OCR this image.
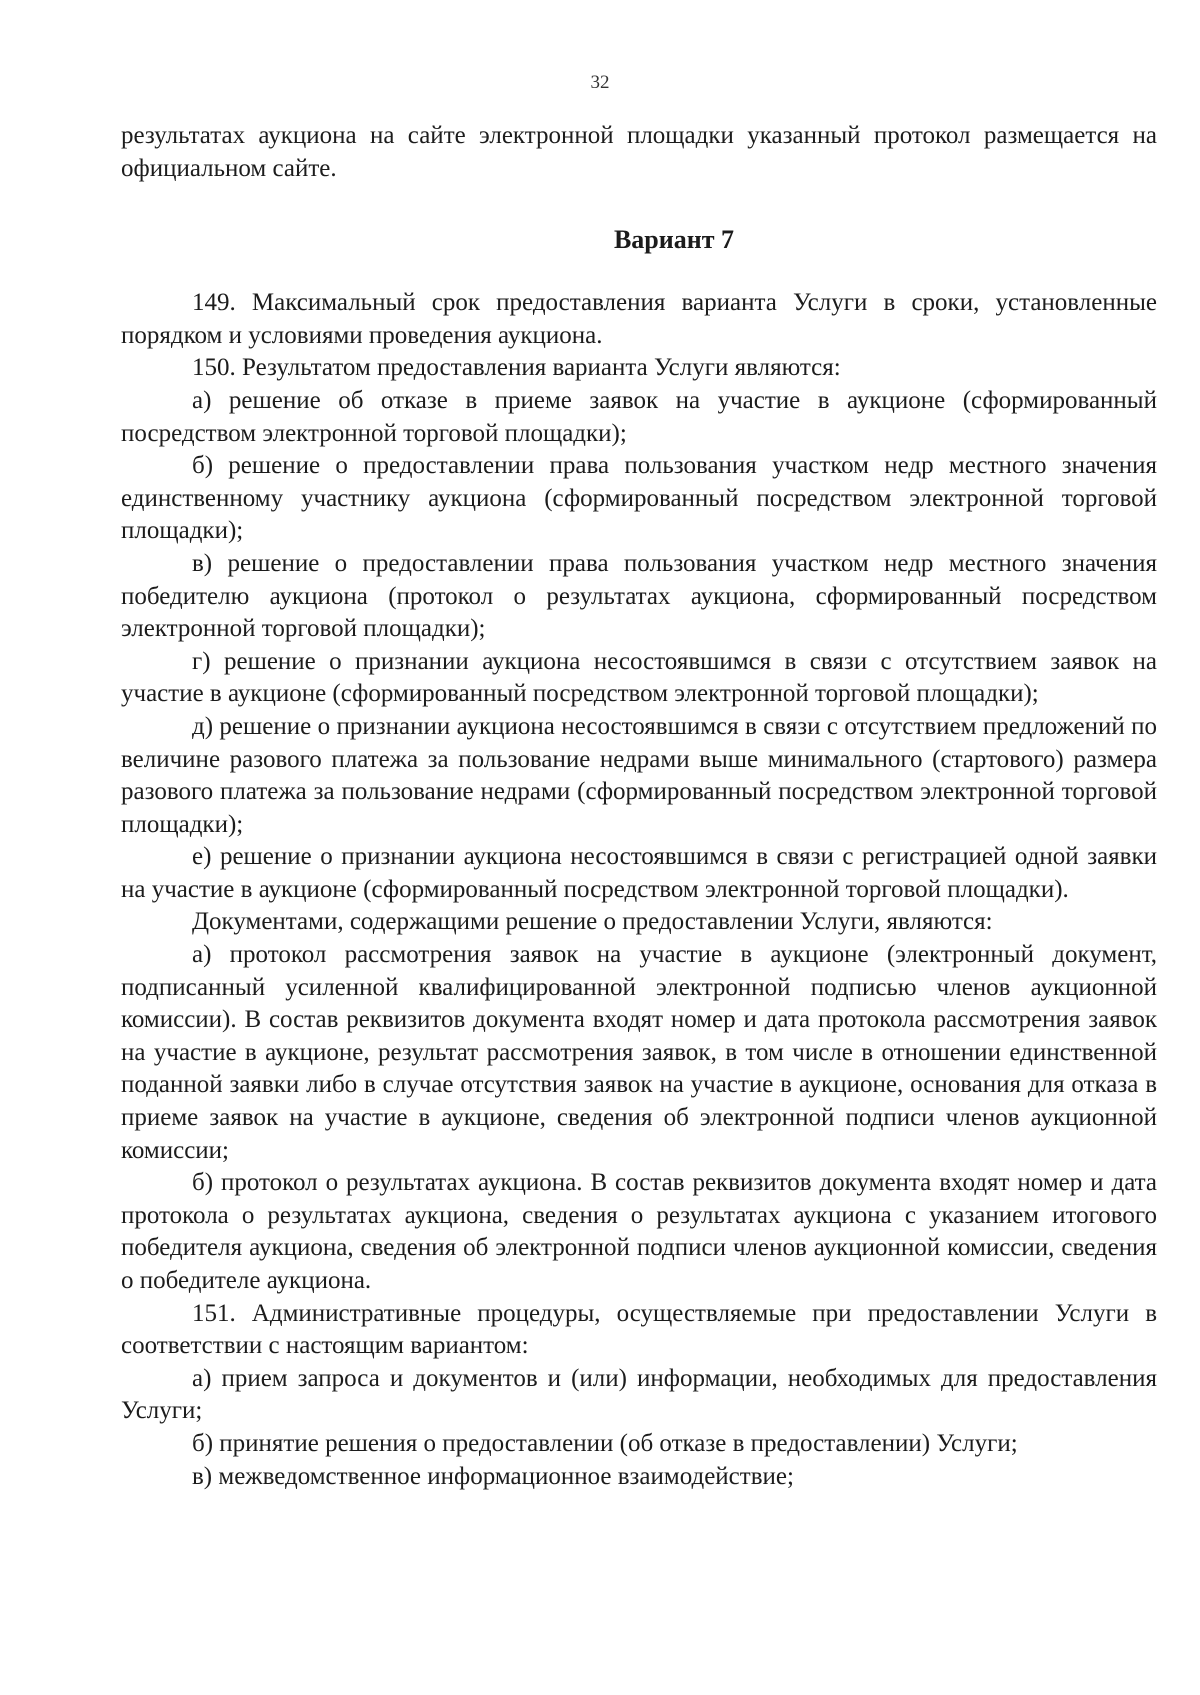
32

результатах аукциона на сайте электронной площадки указанный протокол размещается на официальном сайте.

Вариант 7

149. Максимальный срок предоставления варианта Услуги в сроки, установленные порядком и условиями проведения аукциона.

150. Результатом предоставления варианта Услуги являются:

а) решение об отказе в приеме заявок на участие в аукционе (сформированный посредством электронной торговой площадки);

б) решение о предоставлении права пользования участком недр местного значения единственному участнику аукциона (сформированный посредством электронной торговой площадки);

в) решение о предоставлении права пользования участком недр местного значения победителю аукциона (протокол о результатах аукциона, сформированный посредством электронной торговой площадки);

г) решение о признании аукциона несостоявшимся в связи с отсутствием заявок на участие в аукционе (сформированный посредством электронной торговой площадки);

д) решение о признании аукциона несостоявшимся в связи с отсутствием предложений по величине разового платежа за пользование недрами выше минимального (стартового) размера разового платежа за пользование недрами (сформированный посредством электронной торговой площадки);

е) решение о признании аукциона несостоявшимся в связи с регистрацией одной заявки на участие в аукционе (сформированный посредством электронной торговой площадки).

Документами, содержащими решение о предоставлении Услуги, являются:

а) протокол рассмотрения заявок на участие в аукционе (электронный документ, подписанный усиленной квалифицированной электронной подписью членов аукционной комиссии). В состав реквизитов документа входят номер и дата протокола рассмотрения заявок на участие в аукционе, результат рассмотрения заявок, в том числе в отношении единственной поданной заявки либо в случае отсутствия заявок на участие в аукционе, основания для отказа в приеме заявок на участие в аукционе, сведения об электронной подписи членов аукционной комиссии;

б) протокол о результатах аукциона. В состав реквизитов документа входят номер и дата протокола о результатах аукциона, сведения о результатах аукциона с указанием итогового победителя аукциона, сведения об электронной подписи членов аукционной комиссии, сведения о победителе аукциона.

151. Административные процедуры, осуществляемые при предоставлении Услуги в соответствии с настоящим вариантом:

а) прием запроса и документов и (или) информации, необходимых для предоставления Услуги;

б) принятие решения о предоставлении (об отказе в предоставлении) Услуги;

в) межведомственное информационное взаимодействие;
